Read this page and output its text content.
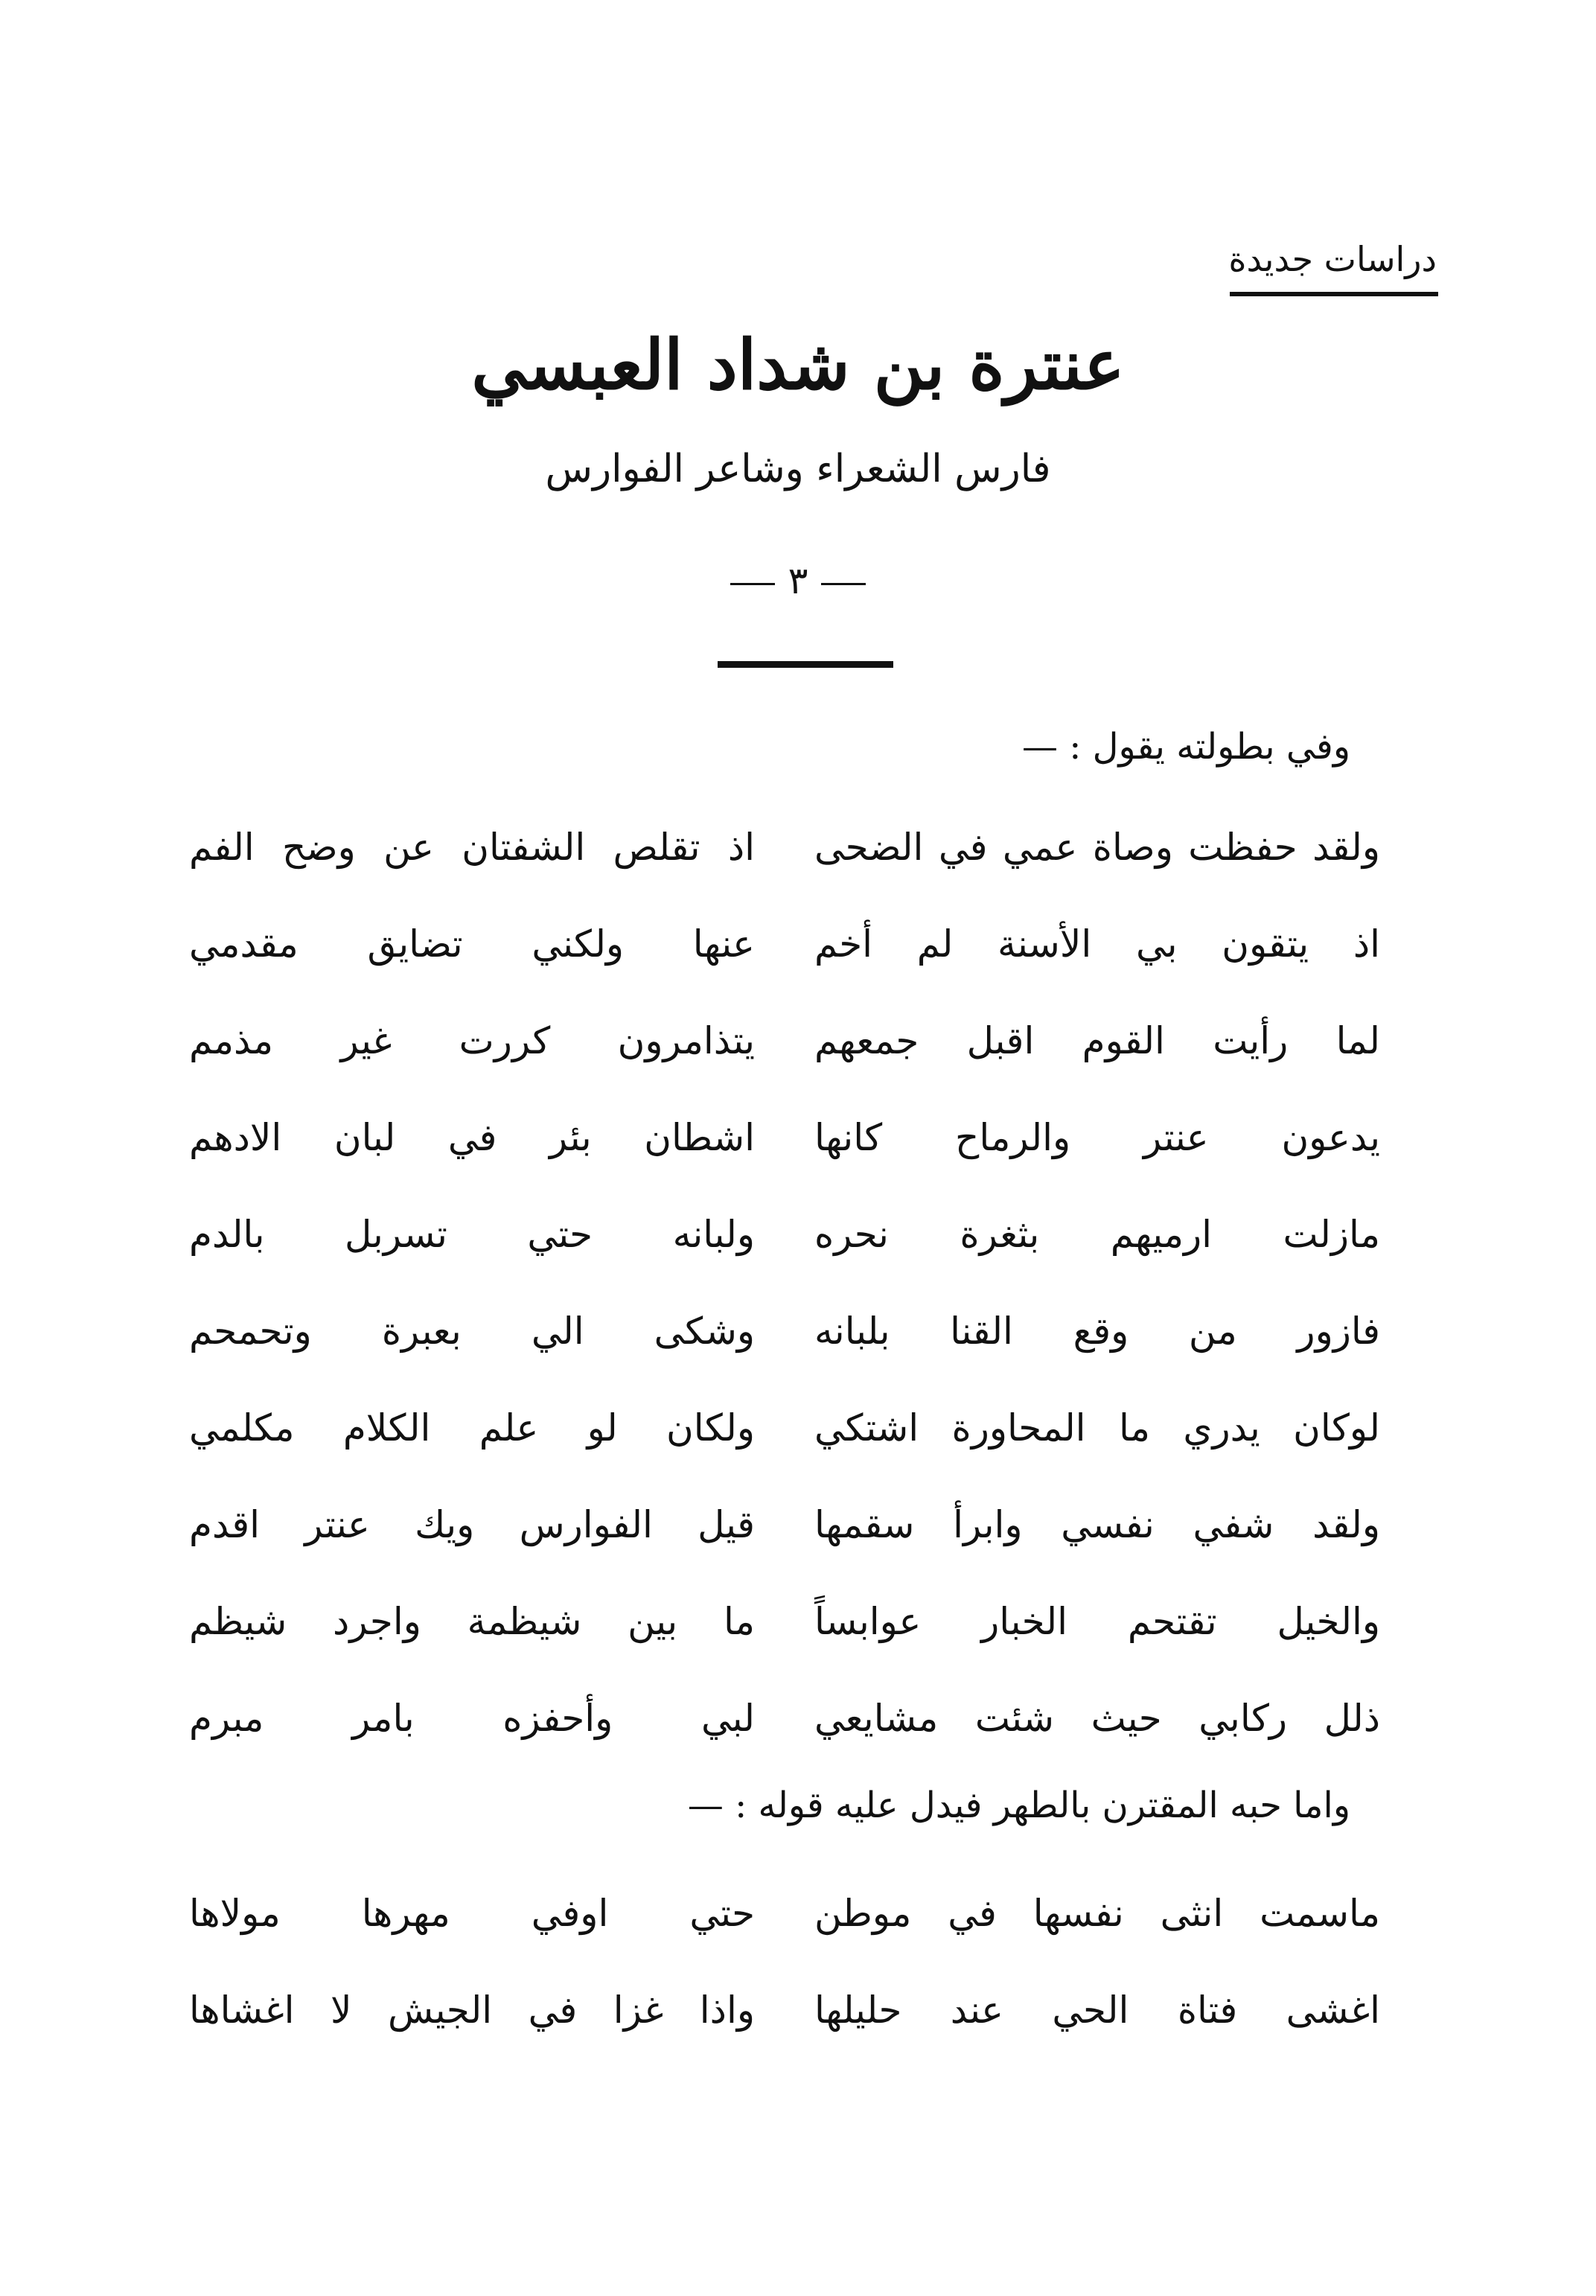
دراسات جديدة
عنترة بن شداد العبسي
فارس الشعراء وشاعر الفوارس
٣
وفي بطولته يقول : —
ولقد حفظت وصاة عمي في الضحى
اذ تقلص الشفتان عن وضح الفم
اذ يتقون بي الأسنة لم أخم
عنها ولكني تضايق مقدمي
لما رأيت القوم اقبل جمعهم
يتذامرون كررت غير مذمم
يدعون عنتر والرماح كانها
اشطان بئر في لبان الادهم
مازلت ارميهم بثغرة نحره
ولبانه حتي تسربل بالدم
فازور من وقع القنا بلبانه
وشكى الي بعبرة وتحمحم
لوكان يدري ما المحاورة اشتكي
ولكان لو علم الكلام مكلمي
ولقد شفي نفسي وابرأ سقمها
قيل الفوارس ويك عنتر اقدم
والخيل تقتحم الخبار عوابساً
ما بين شيظمة واجرد شيظم
ذلل ركابي حيث شئت مشايعي
لبي وأحفزه بامر مبرم
واما حبه المقترن بالطهر فيدل عليه قوله : —
ماسمت انثى نفسها في موطن
حتي اوفي مهرها مولاها
اغشى فتاة الحي عند حليلها
واذا غزا في الجيش لا اغشاها
